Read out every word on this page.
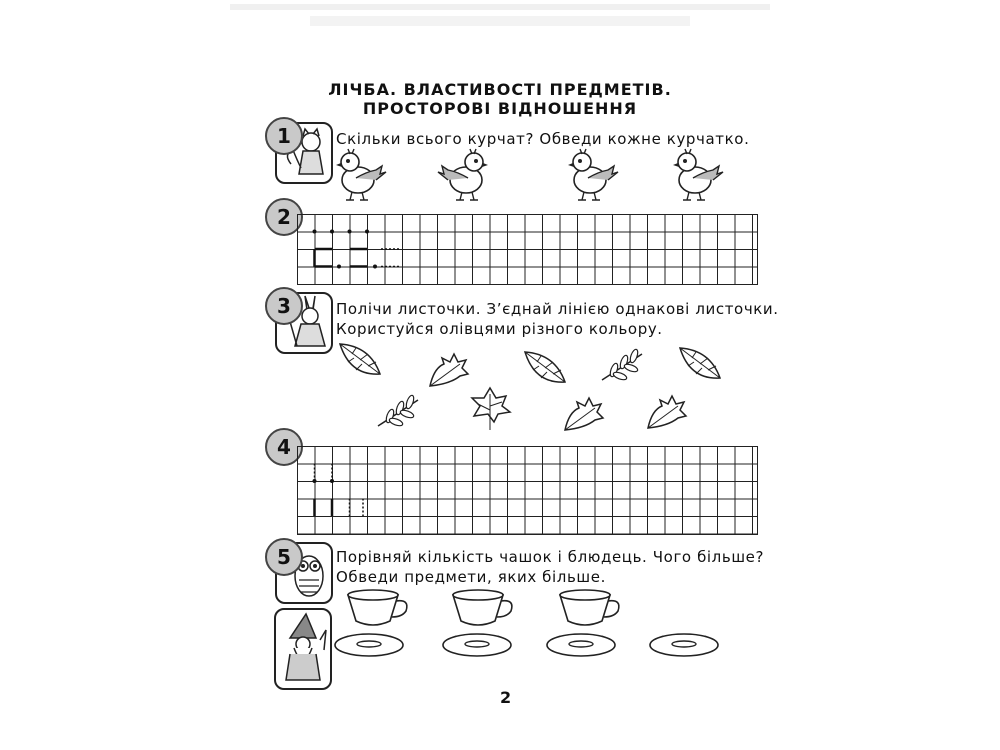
ЛІЧБА. ВЛАСТИВОСТІ ПРЕДМЕТІВ.
ПРОСТОРОВІ ВІДНОШЕННЯ
1	Скільки всього курчат? Обведи кожне курчатко.
2
3	Полічи листочки. З’єднай лінією однакові листочки.
Користуйся олівцями різного кольору.
4
5	Порівняй кількість чашок і блюдець. Чого більше?
Обведи предмети, яких більше.
2
